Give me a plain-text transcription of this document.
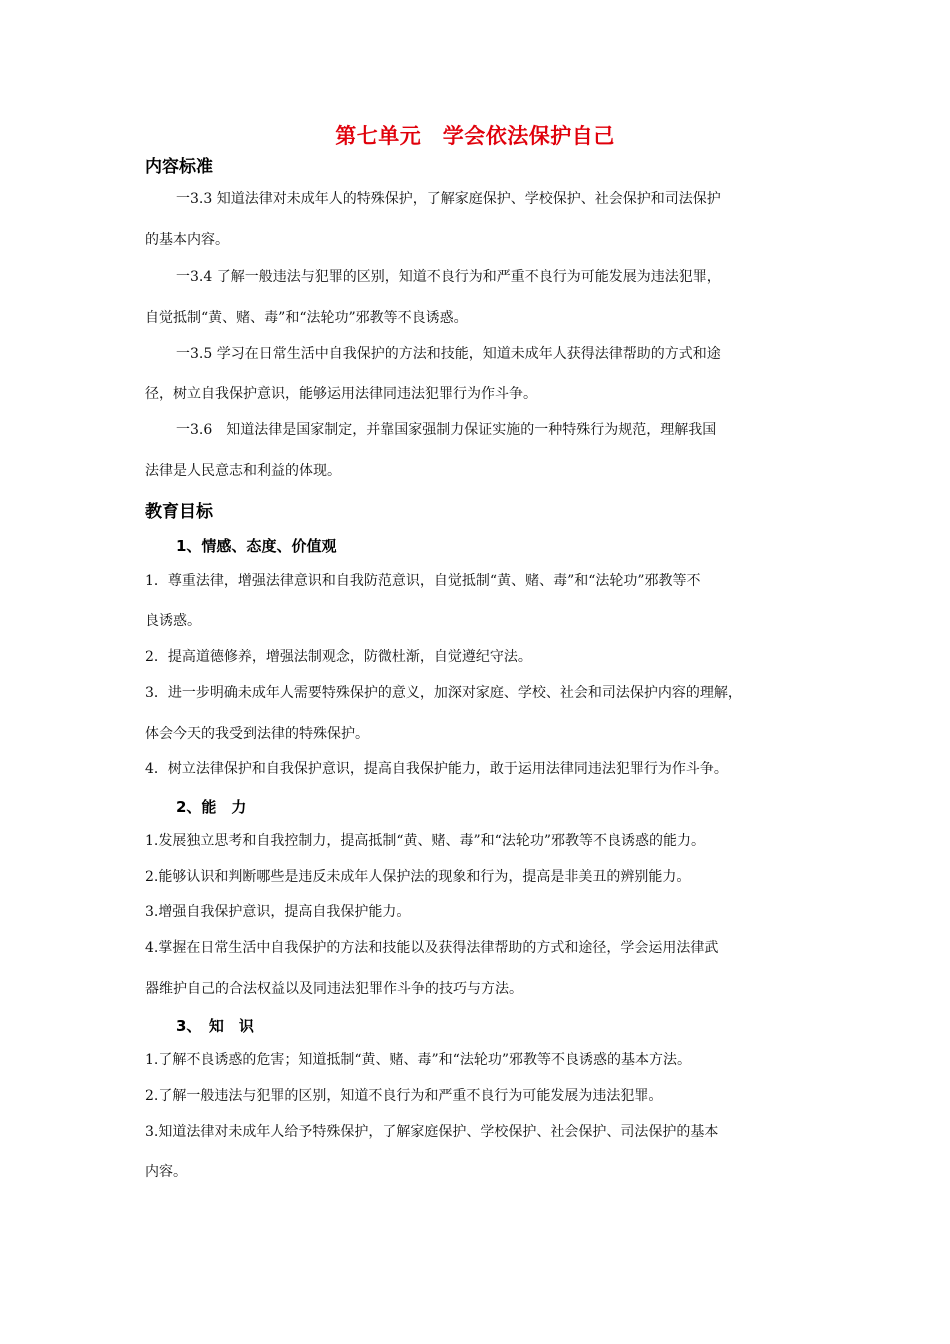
第七单元　学会依法保护自己
内容标准
一3.3 知道法律对未成年人的特殊保护，了解家庭保护、学校保护、社会保护和司法保护
的基本内容。
一3.4 了解一般违法与犯罪的区别，知道不良行为和严重不良行为可能发展为违法犯罪，
自觉抵制“黄、赌、毒”和“法轮功”邪教等不良诱惑。
一3.5 学习在日常生活中自我保护的方法和技能，知道未成年人获得法律帮助的方式和途
径，树立自我保护意识，能够运用法律同违法犯罪行为作斗争。
一3.6　知道法律是国家制定，并靠国家强制力保证实施的一种特殊行为规范，理解我国
法律是人民意志和利益的体现。
教育目标
1、情感、态度、价值观
1．尊重法律，增强法律意识和自我防范意识，自觉抵制“黄、赌、毒”和“法轮功”邪教等不
良诱惑。
2．提高道德修养，增强法制观念，防微杜渐，自觉遵纪守法。
3．进一步明确未成年人需要特殊保护的意义，加深对家庭、学校、社会和司法保护内容的理解，
体会今天的我受到法律的特殊保护。
4．树立法律保护和自我保护意识，提高自我保护能力，敢于运用法律同违法犯罪行为作斗争。
2、能　力
1.发展独立思考和自我控制力，提高抵制“黄、赌、毒”和“法轮功”邪教等不良诱惑的能力。
2.能够认识和判断哪些是违反未成年人保护法的现象和行为，提高是非美丑的辨别能力。
3.增强自我保护意识，提高自我保护能力。
4.掌握在日常生活中自我保护的方法和技能以及获得法律帮助的方式和途径，学会运用法律武
器维护自己的合法权益以及同违法犯罪作斗争的技巧与方法。
3、　知　识
1.了解不良诱惑的危害；知道抵制“黄、赌、毒”和“法轮功”邪教等不良诱惑的基本方法。
2.了解一般违法与犯罪的区别，知道不良行为和严重不良行为可能发展为违法犯罪。
3.知道法律对未成年人给予特殊保护，了解家庭保护、学校保护、社会保护、司法保护的基本
内容。
